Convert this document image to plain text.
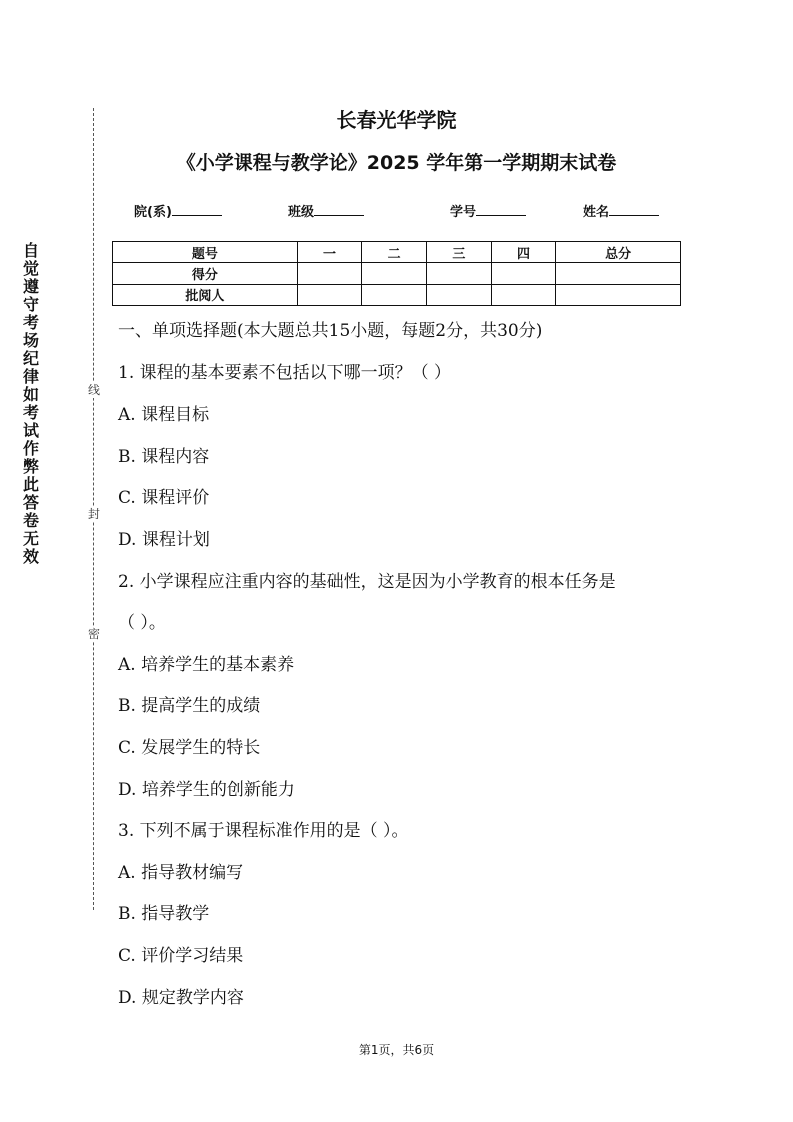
自
觉
遵
守
考
场
纪
律
如
考
试
作
弊
此
答
卷
无
效
线
封
密
长春光华学院
《小学课程与教学论》2025 学年第一学期期末试卷
院(系)	班级	学号	姓名
题号	一	二	三	四	总分
得分					
批阅人					
一、单项选择题(本大题总共15小题，每题2分，共30分)
1. 课程的基本要素不包括以下哪一项？（ ）
A. 课程目标
B. 课程内容
C. 课程评价
D. 课程计划
2. 小学课程应注重内容的基础性，这是因为小学教育的根本任务是
（ ）。
A. 培养学生的基本素养
B. 提高学生的成绩
C. 发展学生的特长
D. 培养学生的创新能力
3. 下列不属于课程标准作用的是（ ）。
A. 指导教材编写
B. 指导教学
C. 评价学习结果
D. 规定教学内容
第1页，共6页
